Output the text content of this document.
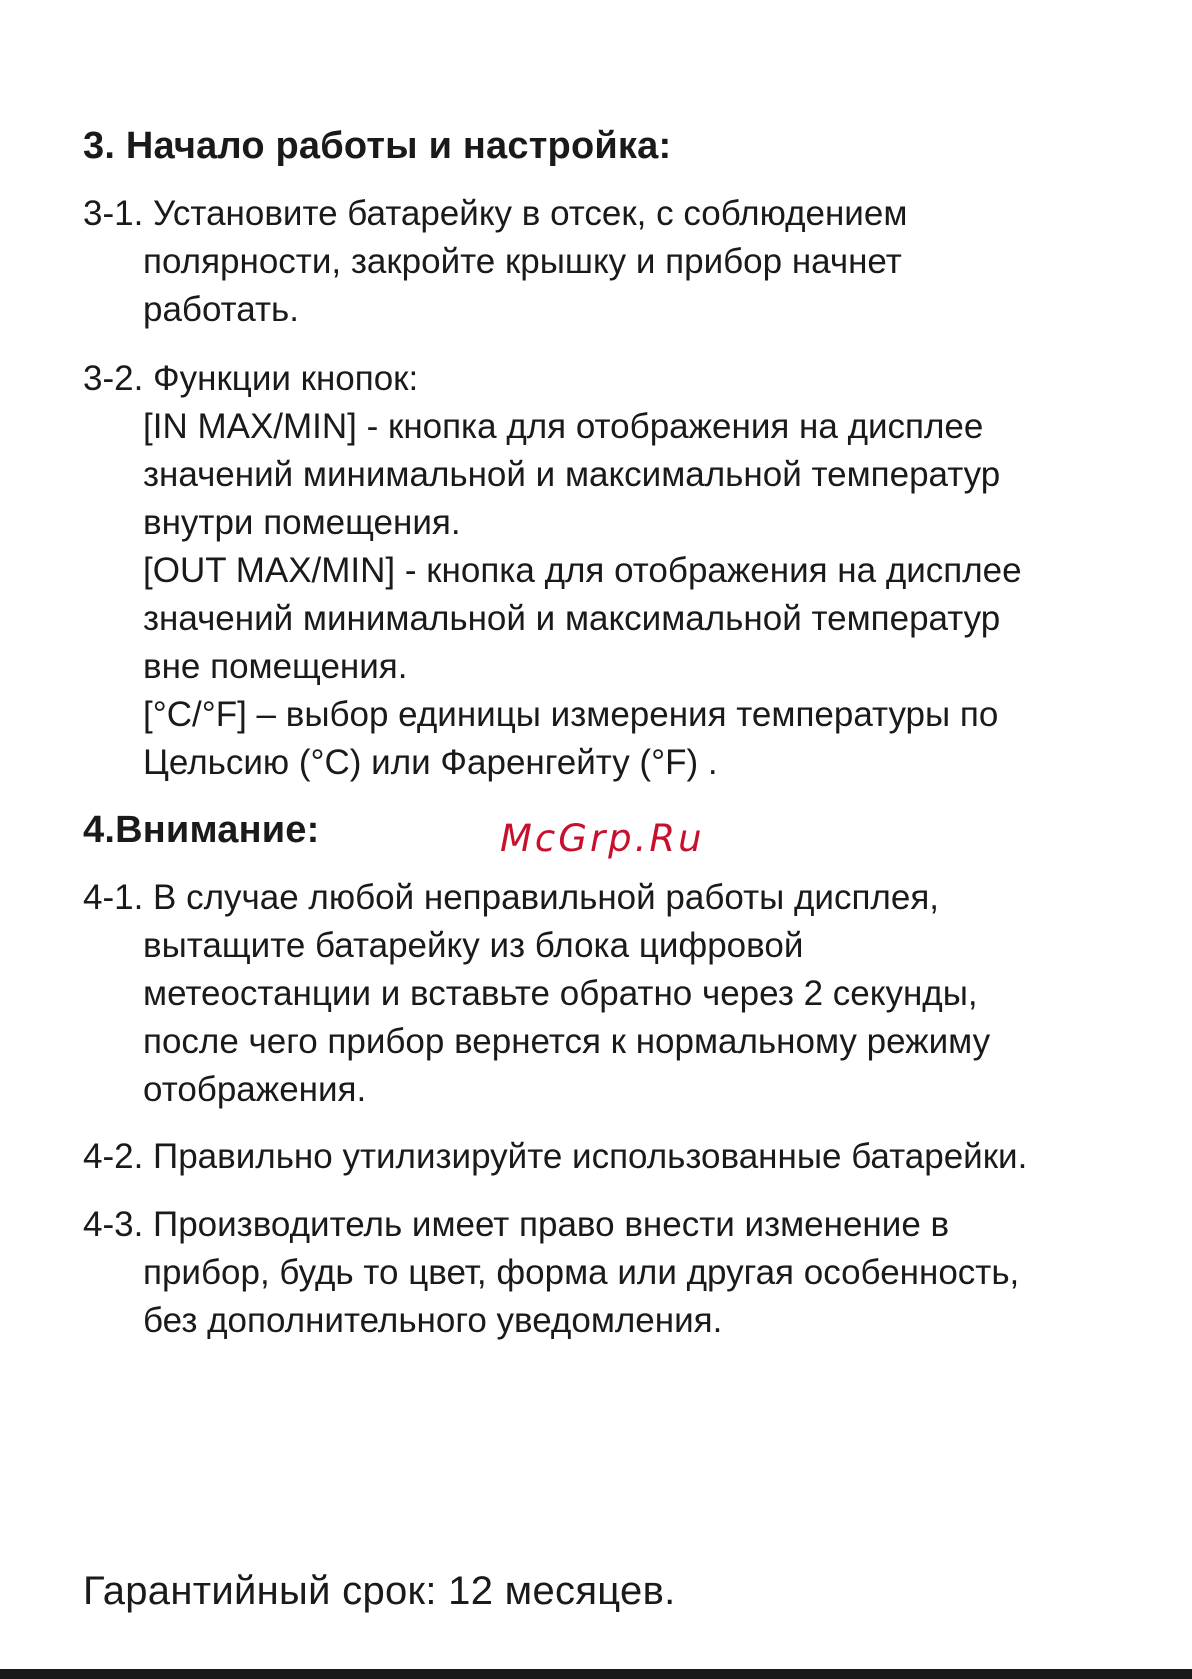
3. Начало работы и настройка:
3-1. Установите батарейку в отсек, с соблюдением
полярности, закройте крышку и прибор начнет
работать.
3-2. Функции кнопок:
[IN MAX/MIN] - кнопка для отображения на дисплее
значений минимальной и максимальной температур
внутри помещения.
[OUT MAX/MIN] - кнопка для отображения на дисплее
значений минимальной и максимальной температур
вне помещения.
[°C/°F] – выбор единицы измерения температуры по
Цельсию (°C) или Фаренгейту (°F) .
4.Внимание:	McGrp.Ru
4-1. В случае любой неправильной работы дисплея,
вытащите батарейку из блока цифровой
метеостанции и вставьте обратно через 2 секунды,
после чего прибор вернется к нормальному режиму
отображения.
4-2. Правильно утилизируйте использованные батарейки.
4-3. Производитель имеет право внести изменение в
прибор, будь то цвет, форма или другая особенность,
без дополнительного уведомления.
Гарантийный срок: 12 месяцев.
